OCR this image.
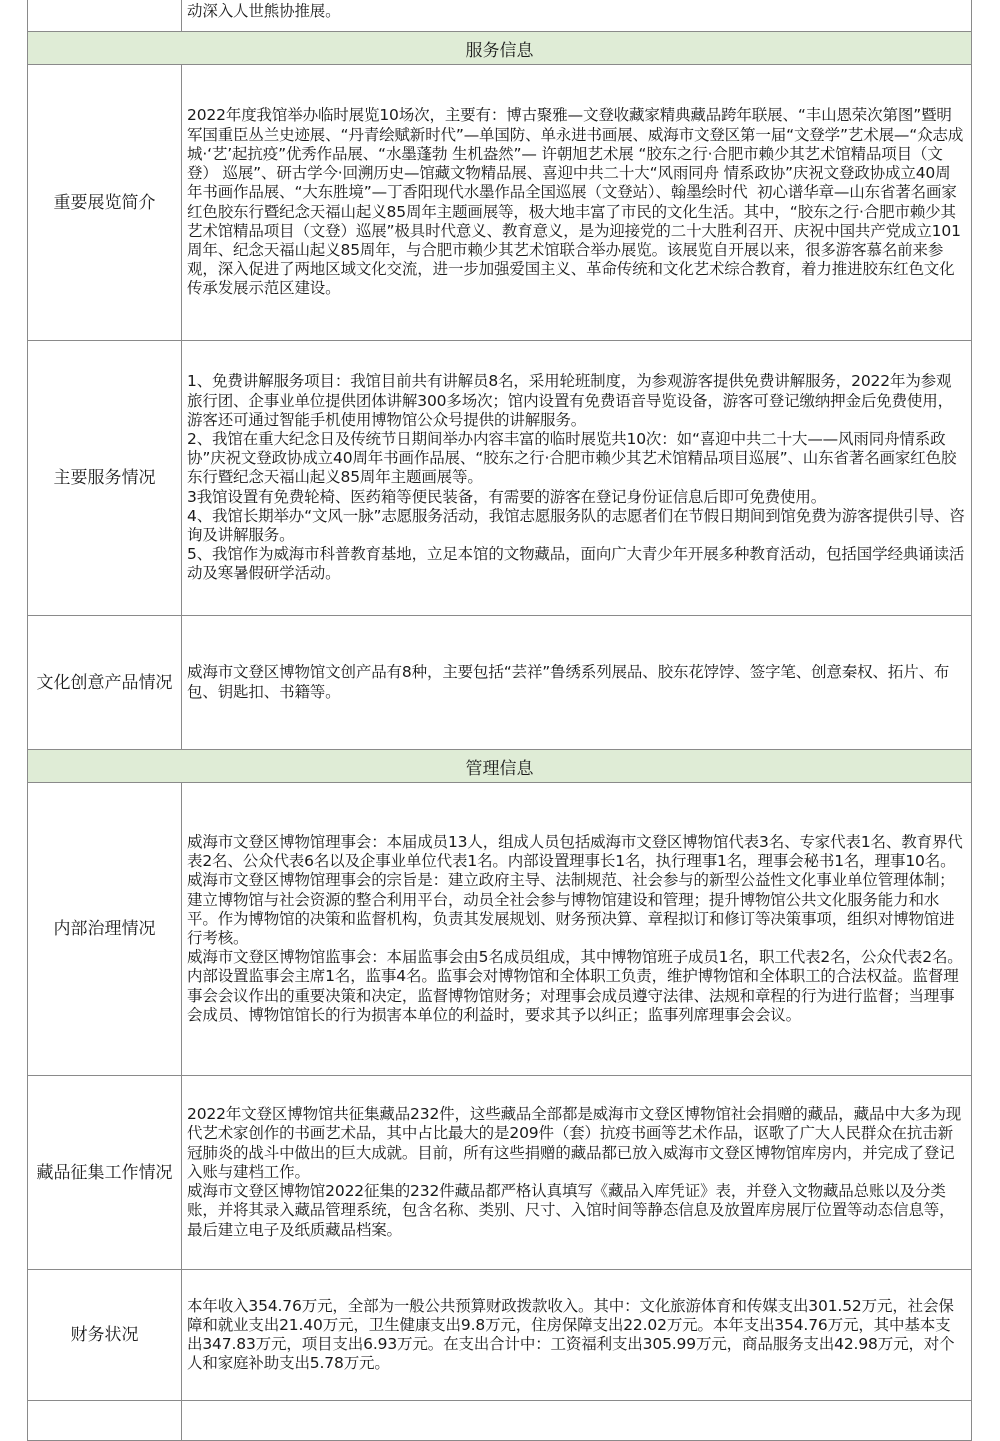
动深入人世熊协推展。
服务信息
重要展览简介
2022年度我馆举办临时展览10场次，主要有：博古聚雅—文登收藏家精典藏品跨年联展、“丰山恩荣次第图”暨明军国重臣丛兰史迹展、“丹青绘赋新时代”—单国防、单永进书画展、威海市文登区第一届“文登学”艺术展—“众志成城·‘艺’起抗疫”优秀作品展、“水墨蓬勃 生机盎然”— 许朝旭艺术展 “胶东之行·合肥市赖少其艺术馆精品项目（文登） 巡展”、研古学今·回溯历史—馆藏文物精品展、喜迎中共二十大“风雨同舟 情系政协”庆祝文登政协成立40周年书画作品展、“大东胜境”—丁香阳现代水墨作品全国巡展（文登站）、翰墨绘时代  初心谱华章—山东省著名画家红色胶东行暨纪念天福山起义85周年主题画展等，极大地丰富了市民的文化生活。其中，“胶东之行·合肥市赖少其艺术馆精品项目（文登）巡展”极具时代意义、教育意义，是为迎接党的二十大胜利召开、庆祝中国共产党成立101周年、纪念天福山起义85周年，与合肥市赖少其艺术馆联合举办展览。该展览自开展以来，很多游客慕名前来参观，深入促进了两地区域文化交流，进一步加强爱国主义、革命传统和文化艺术综合教育，着力推进胶东红色文化传承发展示范区建设。
主要服务情况
1、免费讲解服务项目：我馆目前共有讲解员8名，采用轮班制度，为参观游客提供免费讲解服务，2022年为参观旅行团、企事业单位提供团体讲解300多场次；馆内设置有免费语音导览设备，游客可登记缴纳押金后免费使用，游客还可通过智能手机使用博物馆公众号提供的讲解服务。
2、我馆在重大纪念日及传统节日期间举办内容丰富的临时展览共10次：如“喜迎中共二十大——风雨同舟情系政协”庆祝文登政协成立40周年书画作品展、“胶东之行·合肥市赖少其艺术馆精品项目巡展”、山东省著名画家红色胶东行暨纪念天福山起义85周年主题画展等。
3我馆设置有免费轮椅、医药箱等便民装备，有需要的游客在登记身份证信息后即可免费使用。
4、我馆长期举办“文风一脉”志愿服务活动，我馆志愿服务队的志愿者们在节假日期间到馆免费为游客提供引导、咨询及讲解服务。
5、我馆作为威海市科普教育基地，立足本馆的文物藏品，面向广大青少年开展多种教育活动，包括国学经典诵读活动及寒暑假研学活动。
文化创意产品情况
威海市文登区博物馆文创产品有8种，主要包括“芸祥”鲁绣系列展品、胶东花饽饽、签字笔、创意秦权、拓片、布包、钥匙扣、书籍等。
管理信息
内部治理情况
威海市文登区博物馆理事会：本届成员13人，组成人员包括威海市文登区博物馆代表3名、专家代表1名、教育界代表2名、公众代表6名以及企事业单位代表1名。内部设置理事长1名，执行理事1名，理事会秘书1名，理事10名。
威海市文登区博物馆理事会的宗旨是：建立政府主导、法制规范、社会参与的新型公益性文化事业单位管理体制；建立博物馆与社会资源的整合利用平台，动员全社会参与博物馆建设和管理；提升博物馆公共文化服务能力和水平。作为博物馆的决策和监督机构，负责其发展规划、财务预决算、章程拟订和修订等决策事项，组织对博物馆进行考核。
威海市文登区博物馆监事会：本届监事会由5名成员组成，其中博物馆班子成员1名，职工代表2名，公众代表2名。内部设置监事会主席1名，监事4名。监事会对博物馆和全体职工负责，维护博物馆和全体职工的合法权益。监督理事会会议作出的重要决策和决定，监督博物馆财务；对理事会成员遵守法律、法规和章程的行为进行监督；当理事会成员、博物馆馆长的行为损害本单位的利益时，要求其予以纠正；监事列席理事会会议。
藏品征集工作情况
2022年文登区博物馆共征集藏品232件，这些藏品全部都是威海市文登区博物馆社会捐赠的藏品，藏品中大多为现代艺术家创作的书画艺术品，其中占比最大的是209件（套）抗疫书画等艺术作品，讴歌了广大人民群众在抗击新冠肺炎的战斗中做出的巨大成就。目前，所有这些捐赠的藏品都已放入威海市文登区博物馆库房内，并完成了登记入账与建档工作。
威海市文登区博物馆2022征集的232件藏品都严格认真填写《藏品入库凭证》表，并登入文物藏品总账以及分类账，并将其录入藏品管理系统，包含名称、类别、尺寸、入馆时间等静态信息及放置库房展厅位置等动态信息等，最后建立电子及纸质藏品档案。
财务状况
本年收入354.76万元，全部为一般公共预算财政拨款收入。其中：文化旅游体育和传媒支出301.52万元，社会保障和就业支出21.40万元，卫生健康支出9.8万元，住房保障支出22.02万元。本年支出354.76万元，其中基本支出347.83万元，项目支出6.93万元。在支出合计中：工资福利支出305.99万元，商品服务支出42.98万元，对个人和家庭补助支出5.78万元。
